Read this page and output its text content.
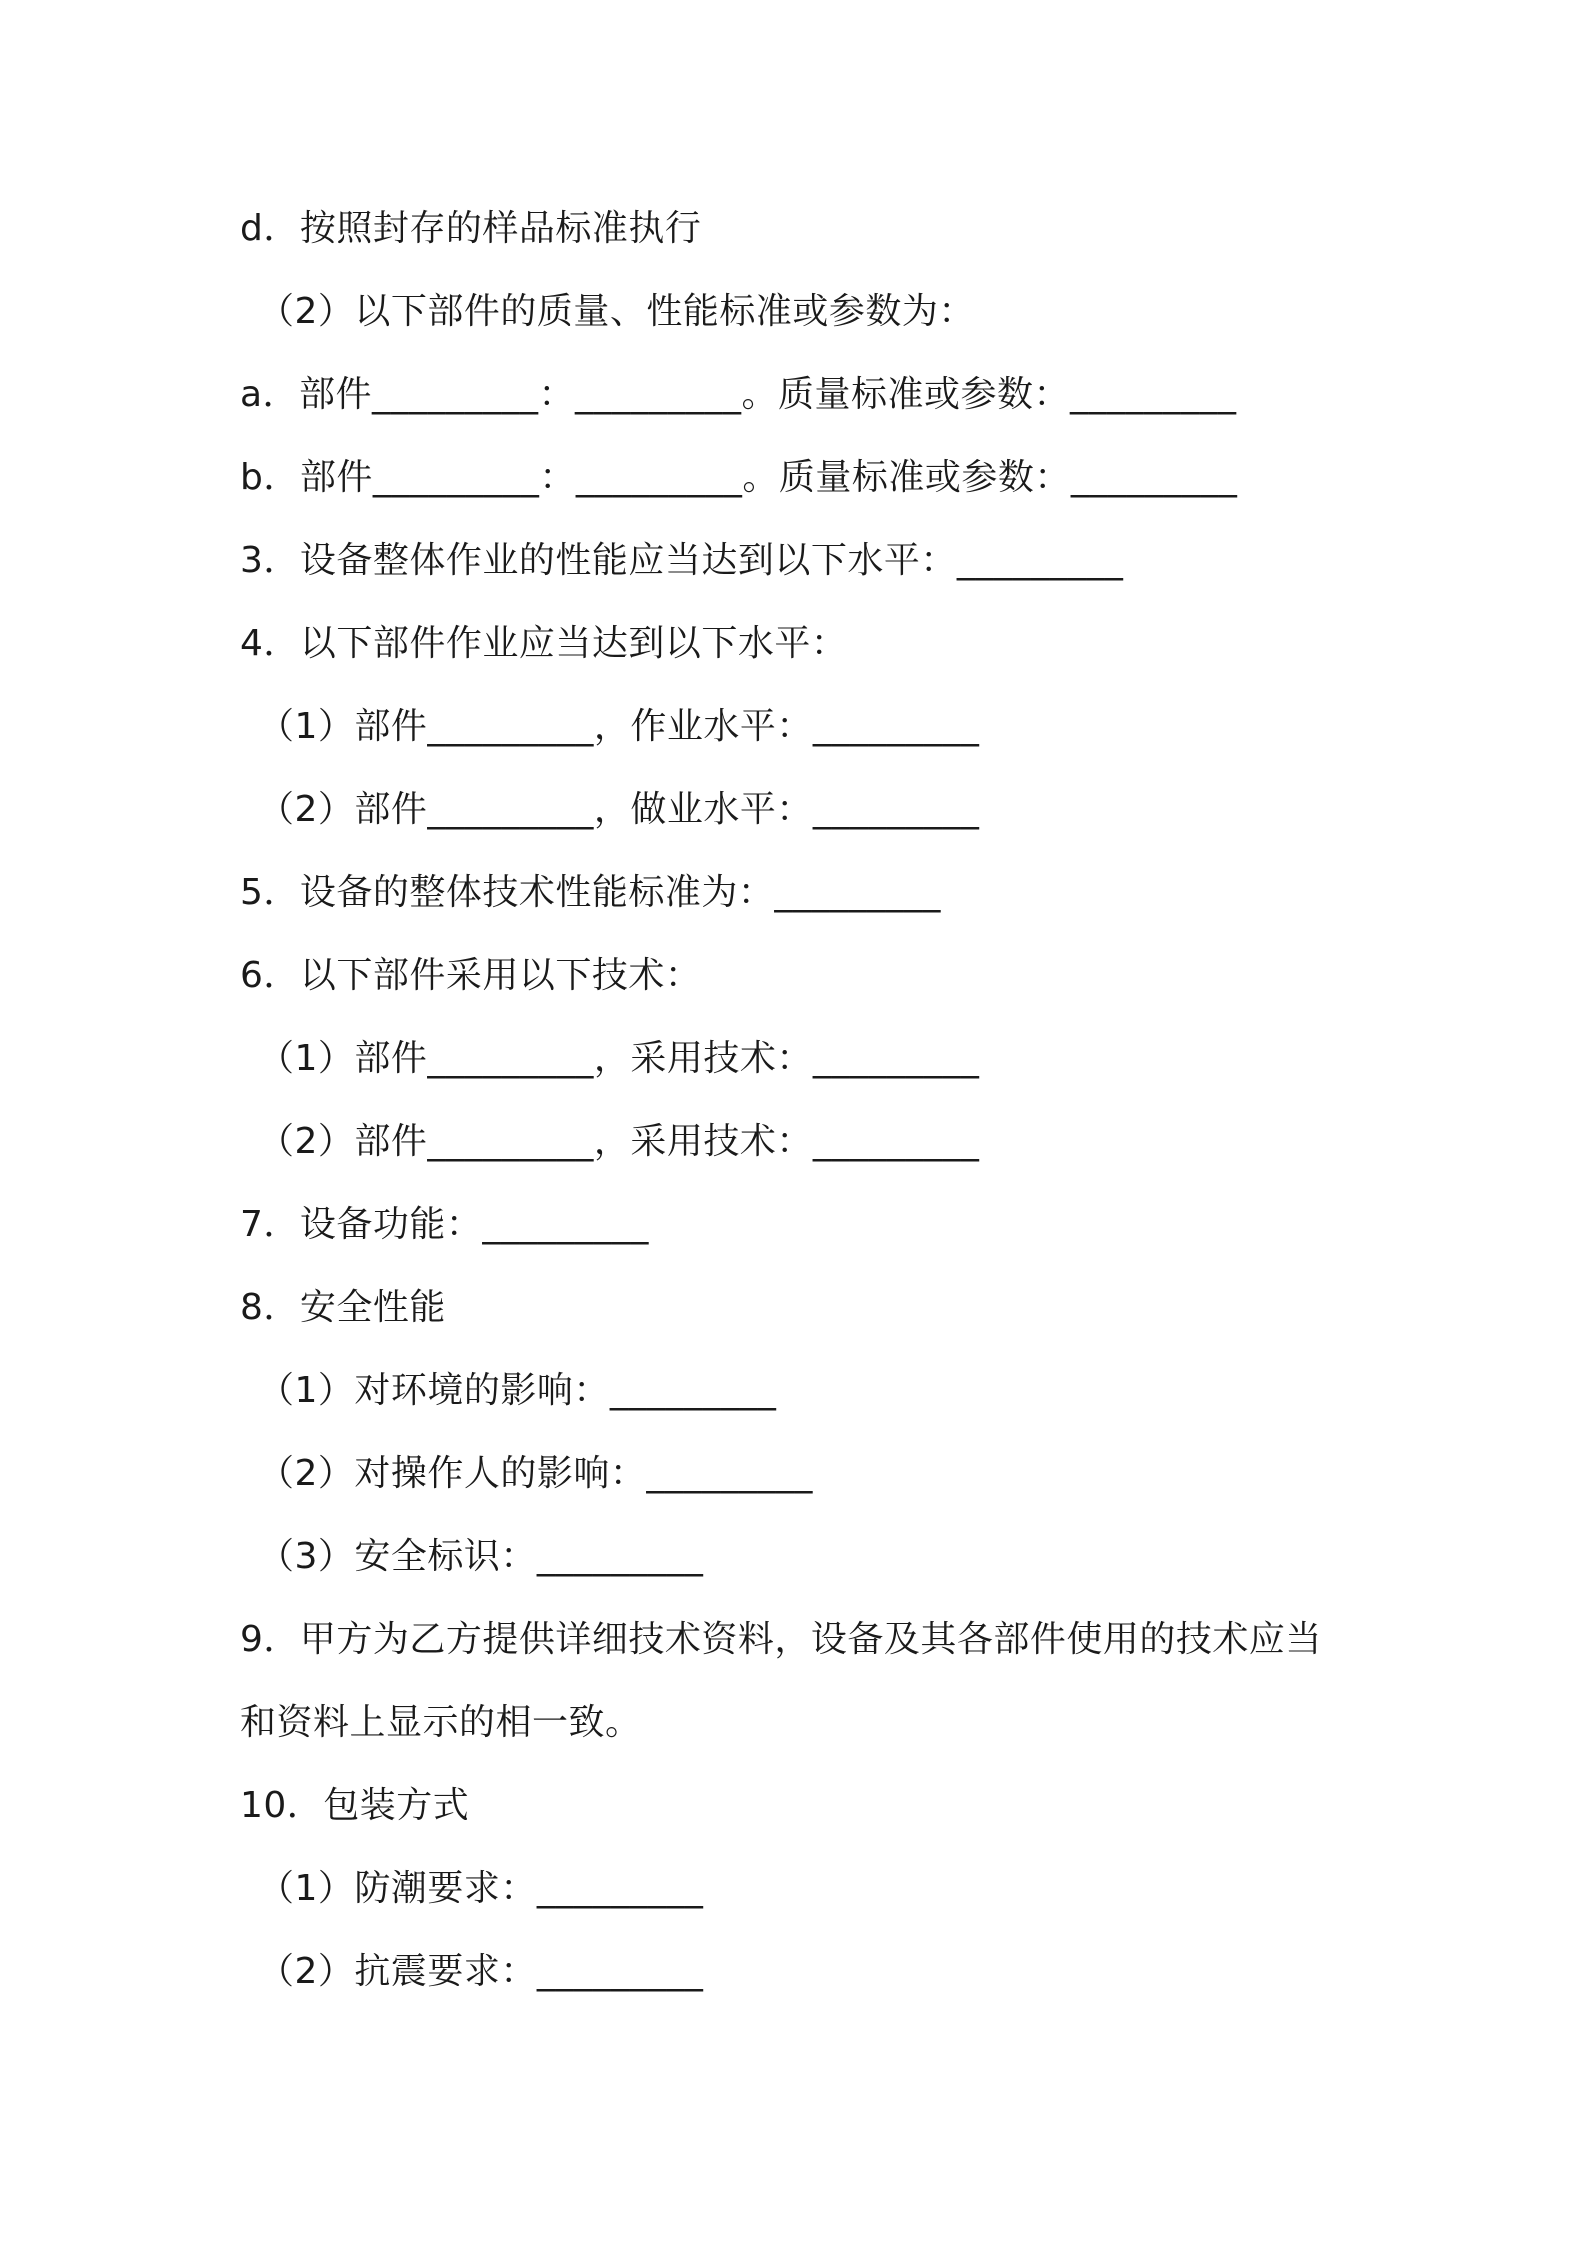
d．按照封存的样品标准执行
（2）以下部件的质量、性能标准或参数为：
a．部件_________：_________。质量标准或参数：_________
b．部件_________：_________。质量标准或参数：_________
3．设备整体作业的性能应当达到以下水平：_________
4．以下部件作业应当达到以下水平：
（1）部件_________，作业水平：_________
（2）部件_________，做业水平：_________
5．设备的整体技术性能标准为：_________
6．以下部件采用以下技术：
（1）部件_________，采用技术：_________
（2）部件_________，采用技术：_________
7．设备功能：_________
8．安全性能
（1）对环境的影响：_________
（2）对操作人的影响：_________
（3）安全标识：_________
9．甲方为乙方提供详细技术资料，设备及其各部件使用的技术应当
和资料上显示的相一致。
10．包装方式
（1）防潮要求：_________
（2）抗震要求：_________
